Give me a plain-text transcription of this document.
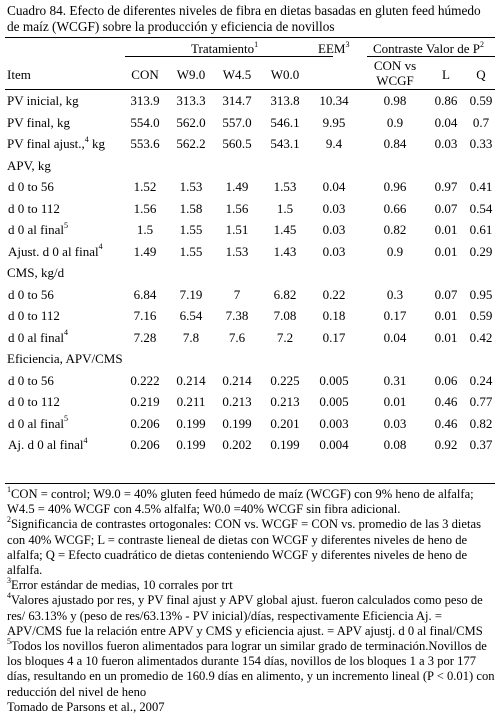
Cuadro 84. Efecto de diferentes niveles de fibra en dietas basadas en gluten feed húmedo de maíz (WCGF) sobre la producción y eficiencia de novillos
Tratamiento$^1$	EEM$^3$ Contraste Valor de $P^2$
Item	CON W9.0 W4.5 W0.0
CON vs
WCGF L Q
PV inicial, kg	313.9 313.3 314.7 313.8 10.34	0.98 0.86 0.59
PV final, kg	554.0 562.0 557.0 546.1 9.95	0.9 0.04 0.7
PV final ajust.,$^4$ kg 553.6 562.2 560.5 543.1 9.4	0.84 0.03 0.33
APV, kg
d 0 to 56	1.52 1.53 1.49 1.53 0.04	0.96 0.97 0.41
d 0 to 112	1.56 1.58 1.56 1.5 0.03	0.66 0.07 0.54
d 0 al final$^5$	1.5 1.55 1.51 1.45 0.03	0.82 0.01 0.61
Ajust. d 0 al final$^4$ 1.49 1.55 1.53 1.43 0.03	0.9 0.01 0.29
CMS, kg/d
d 0 to 56	6.84 7.19 7	6.82 0.22	0.3 0.07 0.95
d 0 to 112	7.16 6.54 7.38 7.08 0.18	0.17 0.01 0.59
d 0 al final$^4$	7.28 7.8 7.6 7.2 0.17	0.04 0.01 0.42
Eficiencia, APV/CMS
d 0 to 56	0.222 0.214 0.214 0.225 0.005	0.31 0.06 0.24
d 0 to 112	0.219 0.211 0.213 0.213 0.005	0.01 0.46 0.77
d 0 al final$^5$	0.206 0.199 0.199 0.201 0.003	0.03 0.46 0.82
Aj. d 0 al final$^4$	0.206 0.199 0.202 0.199 0.004	0.08 0.92 0.37

$^1$CON = control; W9.0 = 40% gluten feed húmedo de maíz (WCGF) con 9% heno de alfalfa; W4.5 = 40% WCGF con 4.5% alfalfa; W0.0 =40% WCGF sin fibra adicional.

$^2$Significancia de contrastes ortogonales: CON vs. WCGF = CON vs. promedio de las 3 dietas con 40% WCGF; L = contraste lieneal de dietas con WCGF y diferentes niveles de heno de alfalfa; Q = Efecto cuadrático de dietas conteniendo WCGF y diferentes niveles de heno de alfalfa.

$^3$Error estándar de medias, 10 corrales por trt

$^4$Valores ajustado por res, y PV final ajust y APV global ajust. fueron calculados como peso de res/ 63.13% y (peso de res/63.13% - PV inicial)/días, respectivamente Eficiencia Aj. = APV/CMS fue la relación entre APV y CMS y eficiencia ajust. = APV ajustj. d 0 al final/CMS

$^5$Todos los novillos fueron alimentados para lograr un similar grado de terminación.Novillos de los bloques 4 a 10 fueron alimentados durante 154 días, novillos de los bloques 1 a 3 por 177 días, resultando en un promedio de 160.9 días en alimento, y un incremento lineal (P < 0.01) con reducción del nivel de heno

Tomado de Parsons et al., 2007
